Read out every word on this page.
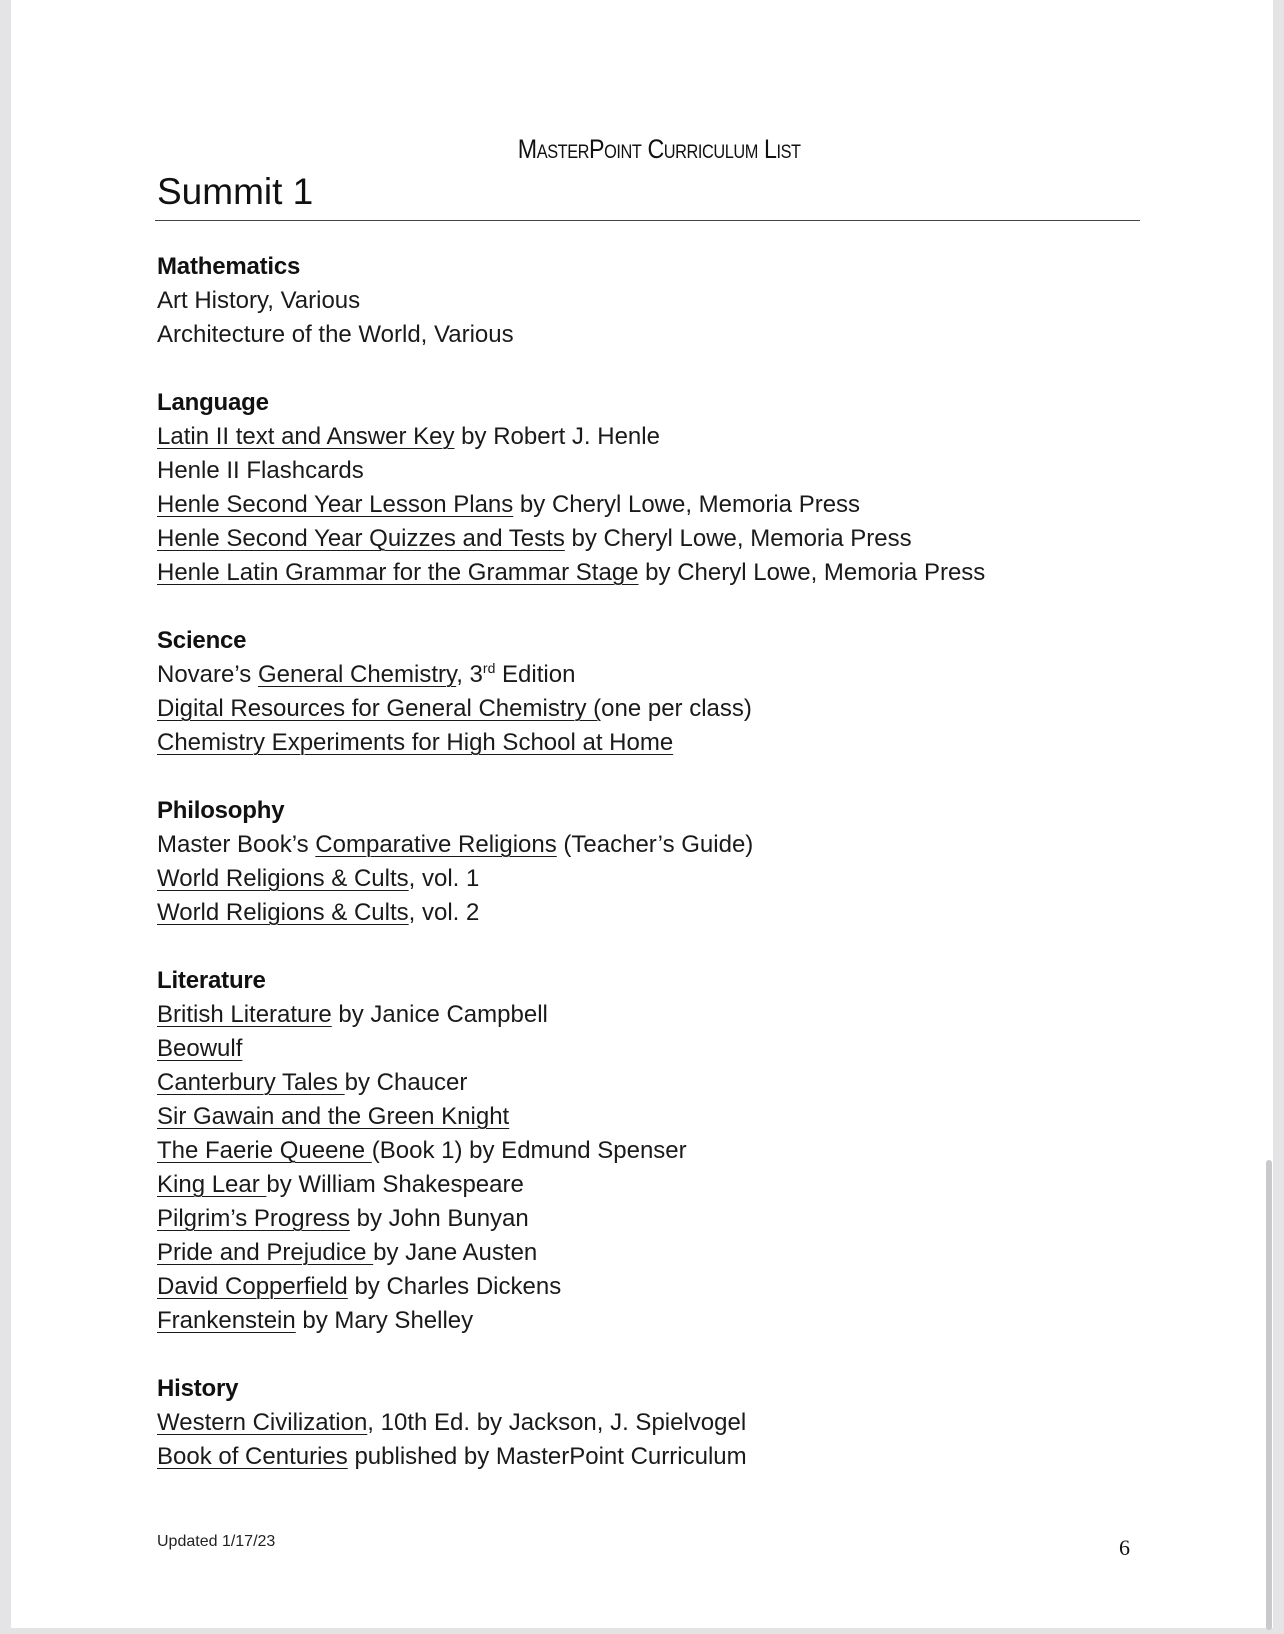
MasterPoint Curriculum List
Summit 1
Mathematics
Art History, Various
Architecture of the World, Various
Language
Latin II text and Answer Key by Robert J. Henle
Henle II Flashcards
Henle Second Year Lesson Plans by Cheryl Lowe, Memoria Press
Henle Second Year Quizzes and Tests by Cheryl Lowe, Memoria Press
Henle Latin Grammar for the Grammar Stage by Cheryl Lowe, Memoria Press
Science
Novare’s General Chemistry, 3rd Edition
Digital Resources for General Chemistry (one per class)
Chemistry Experiments for High School at Home
Philosophy
Master Book’s Comparative Religions (Teacher’s Guide)
World Religions & Cults, vol. 1
World Religions & Cults, vol. 2
Literature
British Literature by Janice Campbell
Beowulf
Canterbury Tales by Chaucer
Sir Gawain and the Green Knight
The Faerie Queene (Book 1) by Edmund Spenser
King Lear by William Shakespeare
Pilgrim’s Progress by John Bunyan
Pride and Prejudice by Jane Austen
David Copperfield by Charles Dickens
Frankenstein by Mary Shelley
History
Western Civilization, 10th Ed. by Jackson, J. Spielvogel
Book of Centuries published by MasterPoint Curriculum
Updated 1/17/23	6
